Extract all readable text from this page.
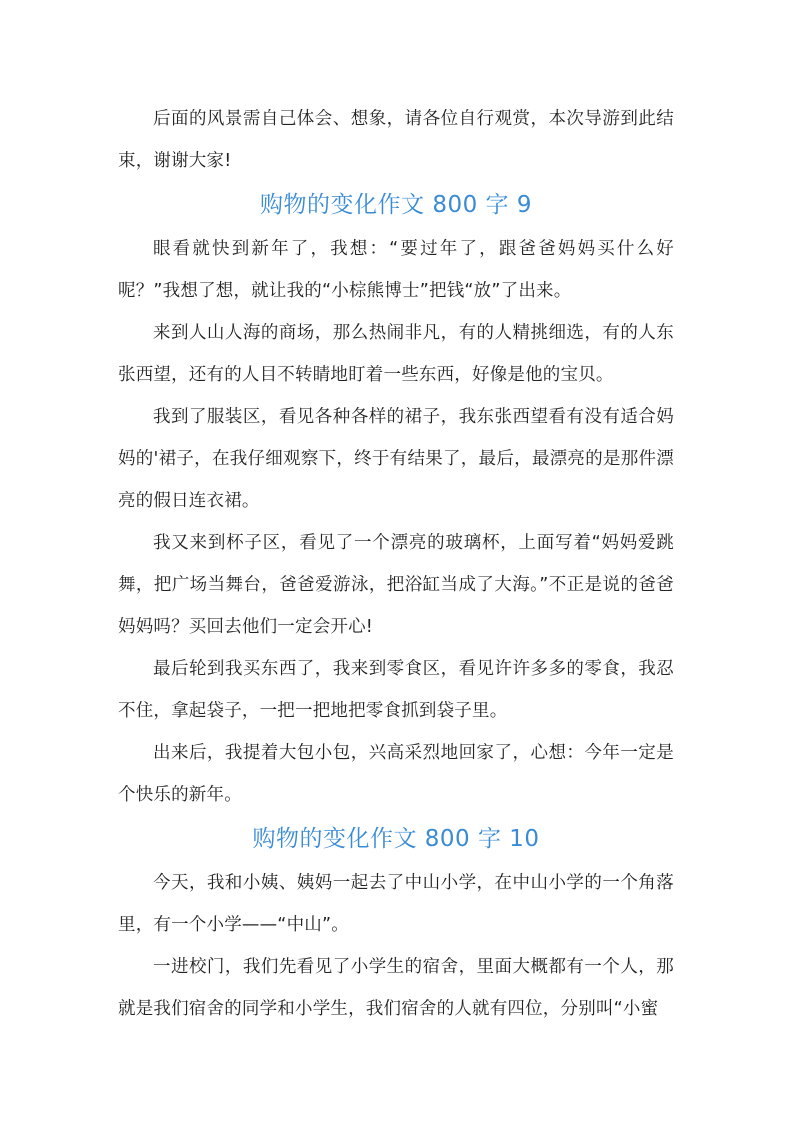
后面的风景需自己体会、想象，请各位自行观赏，本次导游到此结束，谢谢大家!

购物的变化作文 800 字 9

眼看就快到新年了，我想：“要过年了，跟爸爸妈妈买什么好呢？”我想了想，就让我的“小棕熊博士”把钱“放”了出来。

来到人山人海的商场，那么热闹非凡，有的人精挑细选，有的人东张西望，还有的人目不转睛地盯着一些东西，好像是他的宝贝。

我到了服装区，看见各种各样的裙子，我东张西望看有没有适合妈妈的'裙子，在我仔细观察下，终于有结果了，最后，最漂亮的是那件漂亮的假日连衣裙。

我又来到杯子区，看见了一个漂亮的玻璃杯，上面写着“妈妈爱跳舞，把广场当舞台，爸爸爱游泳，把浴缸当成了大海。”不正是说的爸爸妈妈吗？买回去他们一定会开心!

最后轮到我买东西了，我来到零食区，看见许许多多的零食，我忍不住，拿起袋子，一把一把地把零食抓到袋子里。

出来后，我提着大包小包，兴高采烈地回家了，心想：今年一定是个快乐的新年。

购物的变化作文 800 字 10

今天，我和小姨、姨妈一起去了中山小学，在中山小学的一个角落里，有一个小学——“中山”。

一进校门，我们先看见了小学生的宿舍，里面大概都有一个人，那就是我们宿舍的同学和小学生，我们宿舍的人就有四位，分别叫“小蜜
